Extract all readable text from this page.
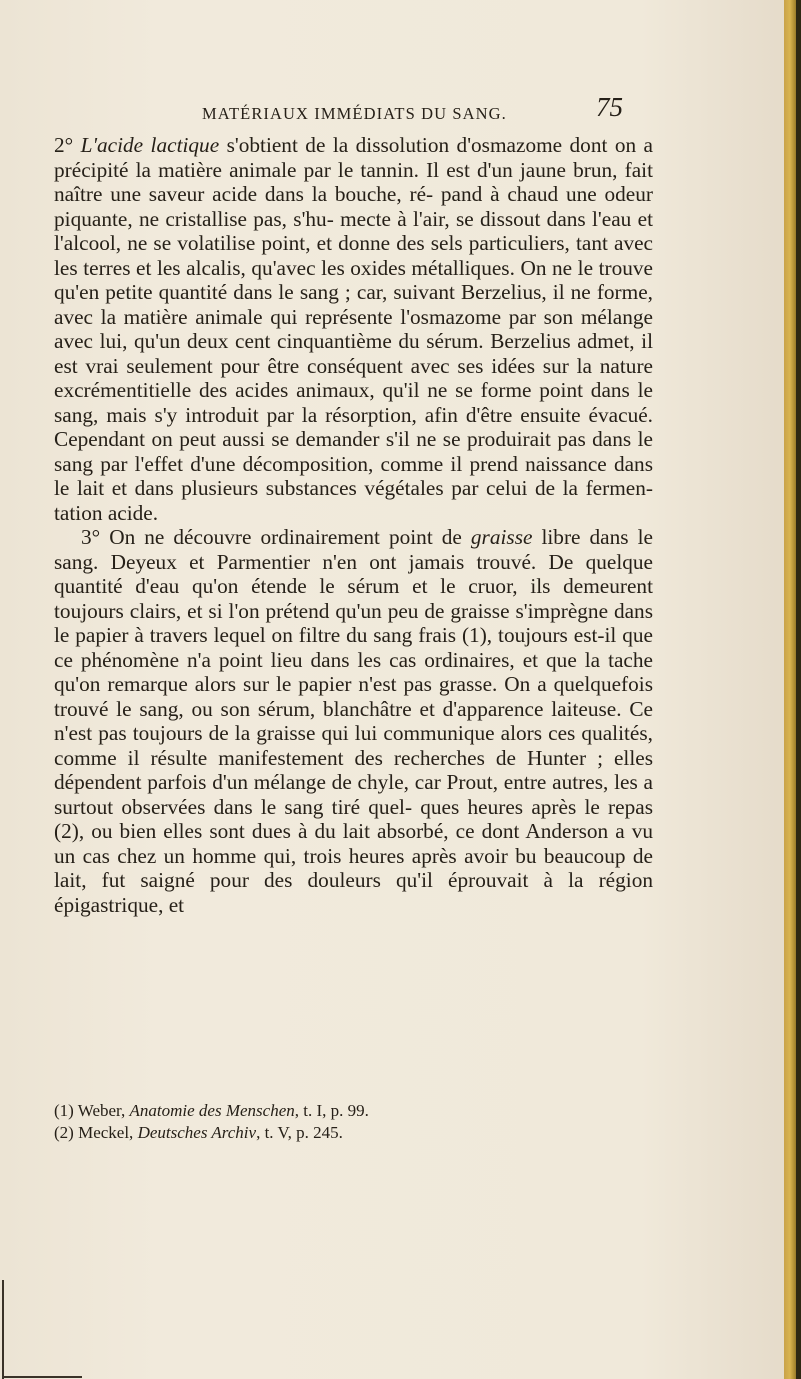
MATÉRIAUX IMMÉDIATS DU SANG.	75

2° L'acide lactique s'obtient de la dissolution d'osmazome dont on a précipité la matière animale par le tannin. Il est d'un jaune brun, fait naître une saveur acide dans la bouche, ré- pand à chaud une odeur piquante, ne cristallise pas, s'hu- mecte à l'air, se dissout dans l'eau et l'alcool, ne se volatilise point, et donne des sels particuliers, tant avec les terres et les alcalis, qu'avec les oxides métalliques. On ne le trouve qu'en petite quantité dans le sang ; car, suivant Berzelius, il ne forme, avec la matière animale qui représente l'osmazome par son mélange avec lui, qu'un deux cent cinquantième du sérum. Berzelius admet, il est vrai seulement pour être conséquent avec ses idées sur la nature excrémentitielle des acides animaux, qu'il ne se forme point dans le sang, mais s'y introduit par la résorption, afin d'être ensuite évacué. Cependant on peut aussi se demander s'il ne se produirait pas dans le sang par l'effet d'une décomposition, comme il prend naissance dans le lait et dans plusieurs substances végétales par celui de la fermen- tation acide.

3° On ne découvre ordinairement point de graisse libre dans le sang. Deyeux et Parmentier n'en ont jamais trouvé. De quelque quantité d'eau qu'on étende le sérum et le cruor, ils demeurent toujours clairs, et si l'on prétend qu'un peu de graisse s'imprègne dans le papier à travers lequel on filtre du sang frais (1), toujours est-il que ce phénomène n'a point lieu dans les cas ordinaires, et que la tache qu'on remarque alors sur le papier n'est pas grasse. On a quelquefois trouvé le sang, ou son sérum, blanchâtre et d'apparence laiteuse. Ce n'est pas toujours de la graisse qui lui communique alors ces qualités, comme il résulte manifestement des recherches de Hunter ; elles dépendent parfois d'un mélange de chyle, car Prout, entre autres, les a surtout observées dans le sang tiré quel- ques heures après le repas (2), ou bien elles sont dues à du lait absorbé, ce dont Anderson a vu un cas chez un homme qui, trois heures après avoir bu beaucoup de lait, fut saigné pour des douleurs qu'il éprouvait à la région épigastrique, et

(1) Weber, Anatomie des Menschen, t. I, p. 99.

(2) Meckel, Deutsches Archiv, t. V, p. 245.
